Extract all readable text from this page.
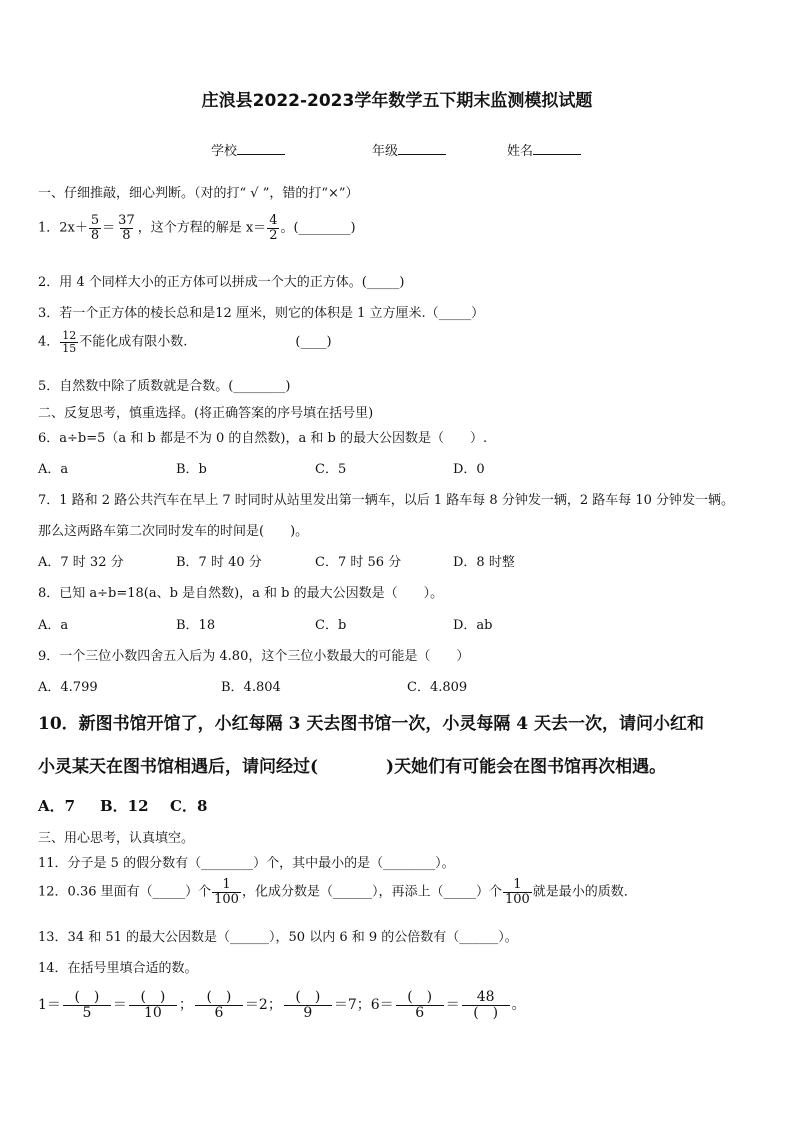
庄浪县2022-2023学年数学五下期末监测模拟试题
学校	年级	姓名
一、仔细推敲，细心判断。（对的打“ √ ”，错的打“×”）
1．$2x+ \frac{5}{8} = \frac{37}{8}$ ，这个方程的解是 $x= \frac{4}{2}$ 。(________)
2．用 4 个同样大小的正方体可以拼成一个大的正方体。(_____)
3．若一个正方体的棱长总和是12 厘米，则它的体积是 1 立方厘米.（_____）
4． $\frac{12}{15}$ 不能化成有限小数.	(____)
5．自然数中除了质数就是合数。(________)
二、反复思考，慎重选择。(将正确答案的序号填在括号里)
6．a÷b=5（a 和 b 都是不为 0 的自然数)，a 和 b 的最大公因数是（　　）.
A．a	B．b	C．5	D．0
7．1 路和 2 路公共汽车在早上 7 时同时从站里发出第一辆车，以后 1 路车每 8 分钟发一辆，2 路车每 10 分钟发一辆。
那么这两路车第二次同时发车的时间是(　　)。
A．7 时 32 分	B．7 时 40 分	C．7 时 56 分	D．8 时整
8．已知 a÷b=18(a、b 是自然数)，a 和 b 的最大公因数是（　　）。
A．a	B．18	C．b	D．ab
9．一个三位小数四舍五入后为 4.80，这个三位小数最大的可能是（　　）
A．4.799	B．4.804	C．4.809
10．新图书馆开馆了，小红每隔 3 天去图书馆一次，小灵每隔 4 天去一次，请问小红和
小灵某天在图书馆相遇后，请问经过(　　　　)天她们有可能会在图书馆再次相遇。
A．7 B．12 C．8
三、用心思考，认真填空。
11．分子是 5 的假分数有（________）个，其中最小的是（________）。
12．0.36 里面有（_____）个 $\frac{1}{100}$ ，化成分数是（______），再添上（_____）个 $\frac{1}{100}$ 就是最小的质数．
13．34 和 51 的最大公因数是（______），50 以内 6 和 9 的公倍数有（______）。
14．在括号里填合适的数。
$1= \frac{( )}{5} = \frac{( )}{10}$ ； $\frac{( )}{6} =2$； $\frac{( )}{9} =7$；$6= \frac{( )}{6} = \frac{48}{( )}$ 。
